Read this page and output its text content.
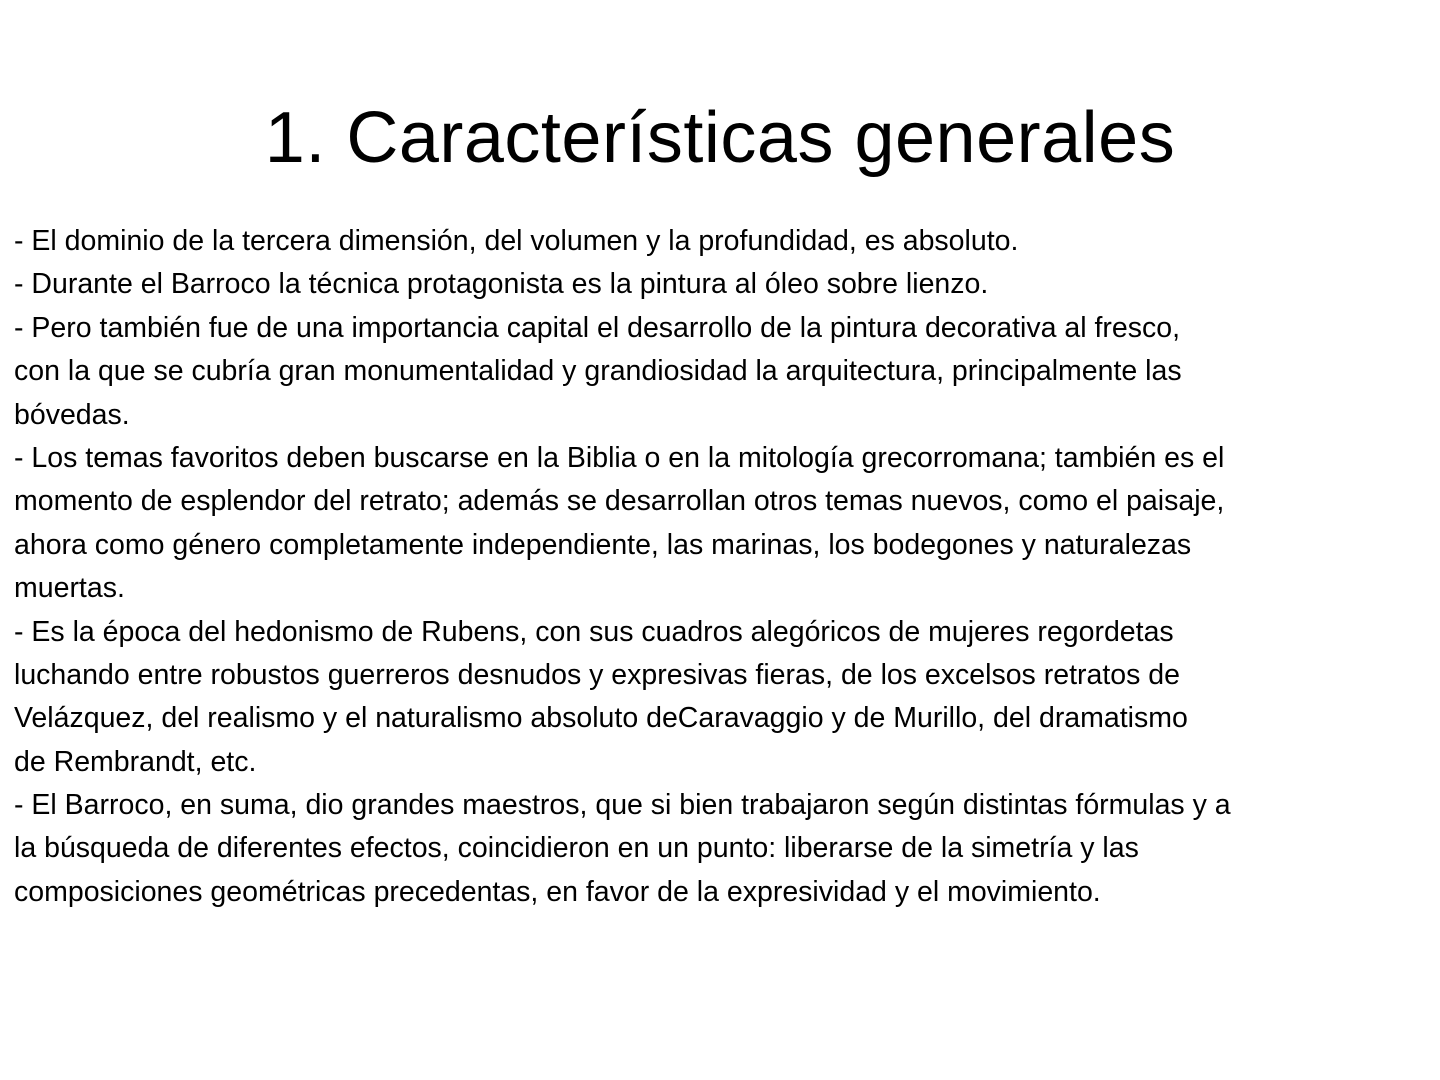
1. Características generales
- El dominio de la tercera dimensión, del volumen y la profundidad, es absoluto.
- Durante el Barroco la técnica protagonista es la pintura al óleo sobre lienzo.
- Pero también fue de una importancia capital el desarrollo de la pintura decorativa al fresco,
con la que se cubría gran monumentalidad y grandiosidad la arquitectura, principalmente las
bóvedas.
- Los temas favoritos deben buscarse en la Biblia o en la mitología grecorromana; también es el
momento de esplendor del retrato; además se desarrollan otros temas nuevos, como el paisaje,
ahora como género completamente independiente, las marinas, los bodegones y naturalezas
muertas.
- Es la época del hedonismo de Rubens, con sus cuadros alegóricos de mujeres regordetas
luchando entre robustos guerreros desnudos y expresivas fieras, de los excelsos retratos de
Velázquez, del realismo y el naturalismo absoluto deCaravaggio y de Murillo, del dramatismo
de Rembrandt, etc.
- El Barroco, en suma, dio grandes maestros, que si bien trabajaron según distintas fórmulas y a
la búsqueda de diferentes efectos, coincidieron en un punto: liberarse de la simetría y las
composiciones geométricas precedentas, en favor de la expresividad y el movimiento.
